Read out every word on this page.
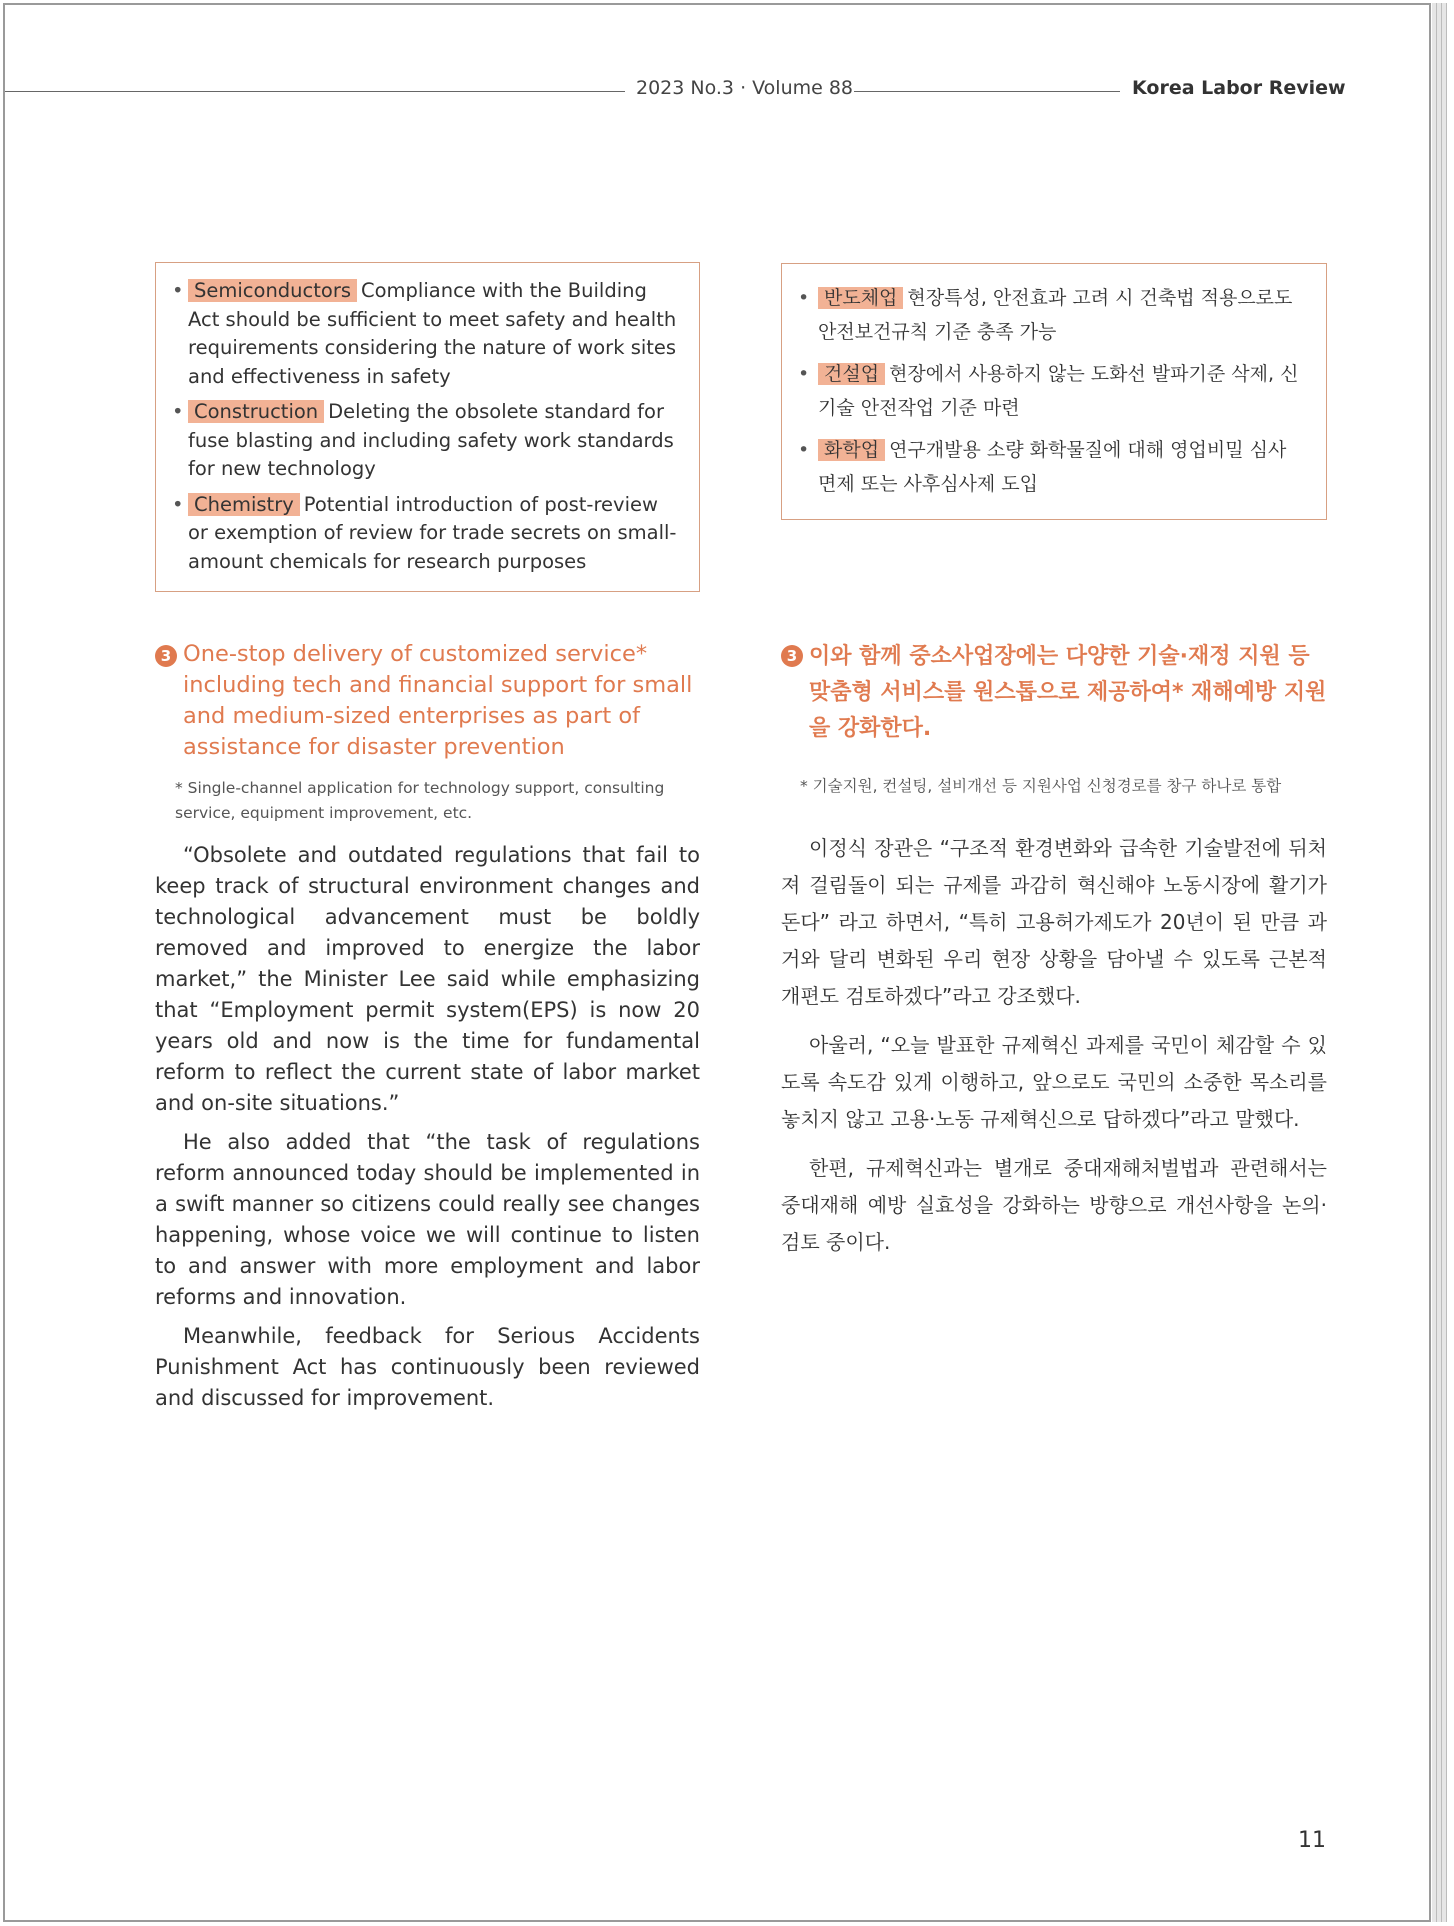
2023 No.3 · Volume 88	Korea Labor Review
• Semiconductors Compliance with the Building Act should be sufficient to meet safety and health requirements considering the nature of work sites and effectiveness in safety
• Construction Deleting the obsolete standard for fuse blasting and including safety work standards for new technology
• Chemistry Potential introduction of post-review or exemption of review for trade secrets on small-amount chemicals for research purposes
• 반도체업 현장특성, 안전효과 고려 시 건축법 적용으로도 안전보건규칙 기준 충족 가능
• 건설업 현장에서 사용하지 않는 도화선 발파기준 삭제, 신기술 안전작업 기준 마련
• 화학업 연구개발용 소량 화학물질에 대해 영업비밀 심사 면제 또는 사후심사제 도입
3 One-stop delivery of customized service* including tech and financial support for small and medium-sized enterprises as part of assistance for disaster prevention
* Single-channel application for technology support, consulting service, equipment improvement, etc.
3 이와 함께 중소사업장에는 다양한 기술·재정 지원 등 맞춤형 서비스를 원스톱으로 제공하여* 재해예방 지원을 강화한다.
* 기술지원, 컨설팅, 설비개선 등 지원사업 신청경로를 창구 하나로 통합

“Obsolete and outdated regulations that fail to keep track of structural environment changes and technological advancement must be boldly removed and improved to energize the labor market,” the Minister Lee said while emphasizing that “Employment permit system(EPS) is now 20 years old and now is the time for fundamental reform to reflect the current state of labor market and on-site situations.”

He also added that “the task of regulations reform announced today should be implemented in a swift manner so citizens could really see changes happening, whose voice we will continue to listen to and answer with more employment and labor reforms and innovation.

Meanwhile, feedback for Serious Accidents Punishment Act has continuously been reviewed and discussed for improvement.

이정식 장관은 “구조적 환경변화와 급속한 기술발전에 뒤처져 걸림돌이 되는 규제를 과감히 혁신해야 노동시장에 활기가 돈다” 라고 하면서, “특히 고용허가제도가 20년이 된 만큼 과거와 달리 변화된 우리 현장 상황을 담아낼 수 있도록 근본적 개편도 검토하겠다”라고 강조했다.

아울러, “오늘 발표한 규제혁신 과제를 국민이 체감할 수 있도록 속도감 있게 이행하고, 앞으로도 국민의 소중한 목소리를 놓치지 않고 고용·노동 규제혁신으로 답하겠다”라고 말했다.

한편, 규제혁신과는 별개로 중대재해처벌법과 관련해서는 중대재해 예방 실효성을 강화하는 방향으로 개선사항을 논의·검토 중이다.

11
